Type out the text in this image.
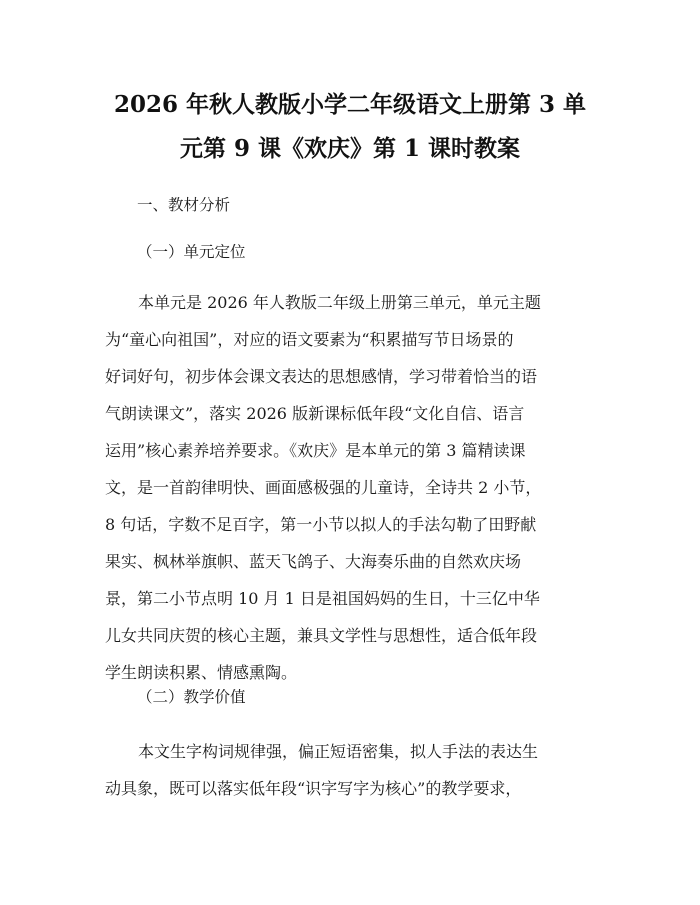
2026 年秋人教版小学二年级语文上册第 3 单
元第 9 课《欢庆》第 1 课时教案

一、教材分析

（一）单元定位

本单元是 2026 年人教版二年级上册第三单元，单元主题
为“童心向祖国”，对应的语文要素为“积累描写节日场景的
好词好句，初步体会课文表达的思想感情，学习带着恰当的语
气朗读课文”，落实 2026 版新课标低年段“文化自信、语言
运用”核心素养培养要求。《欢庆》是本单元的第 3 篇精读课
文，是一首韵律明快、画面感极强的儿童诗，全诗共 2 小节，
8 句话，字数不足百字，第一小节以拟人的手法勾勒了田野献
果实、枫林举旗帜、蓝天飞鸽子、大海奏乐曲的自然欢庆场
景，第二小节点明 10 月 1 日是祖国妈妈的生日，十三亿中华
儿女共同庆贺的核心主题，兼具文学性与思想性，适合低年段
学生朗读积累、情感熏陶。

（二）教学价值

本文生字构词规律强，偏正短语密集，拟人手法的表达生
动具象，既可以落实低年段“识字写字为核心”的教学要求，
